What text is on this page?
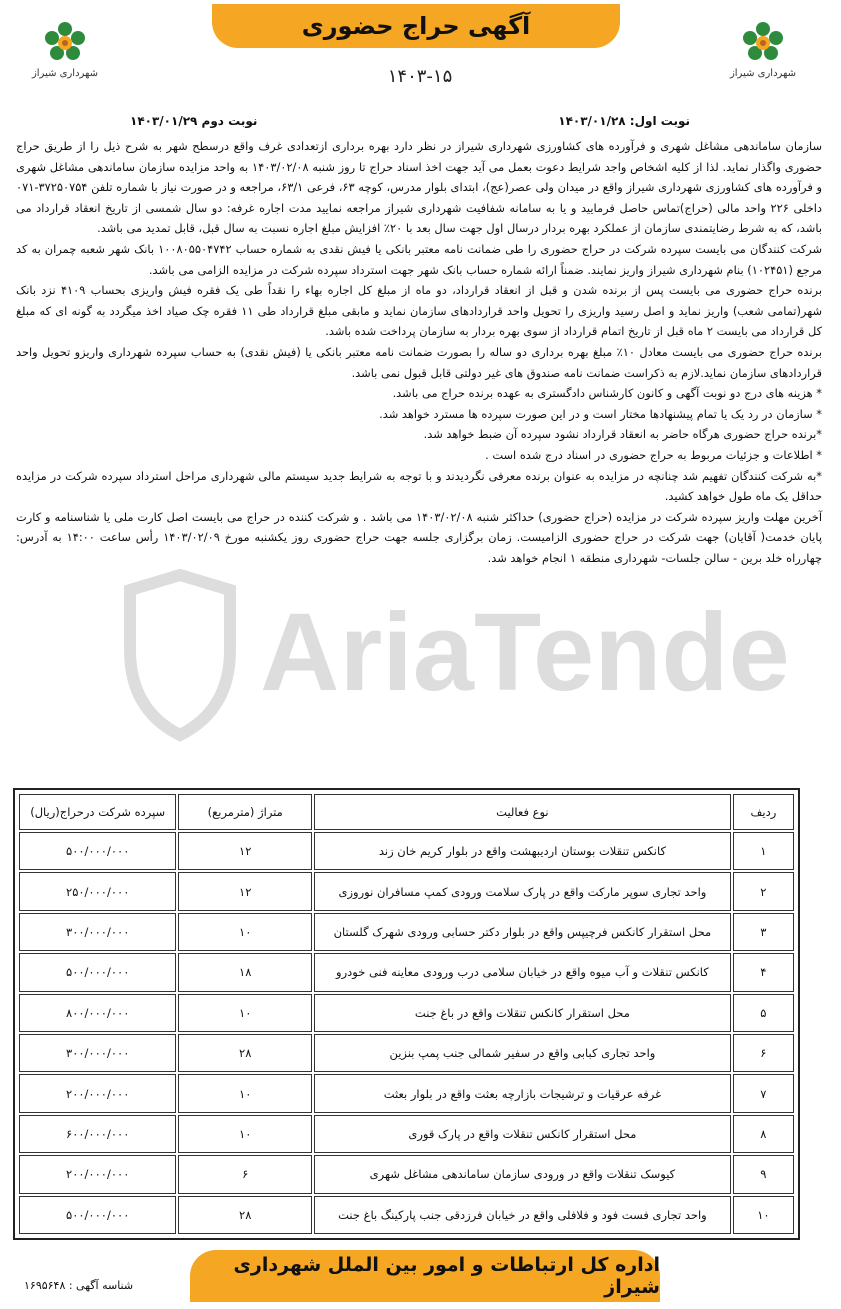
شهرداری شیراز
آگهی حراج حضوری
شهرداری شیراز
۱۴۰۳-۱۵
نوبت اول: ۱۴۰۳/۰۱/۲۸
نوبت دوم ۱۴۰۳/۰۱/۲۹
AriaTender

سازمان ساماندهی مشاغل شهری و فرآورده های کشاورزی شهرداری شیراز در نظر دارد بهره برداری ازتعدادی غرف واقع درسطح شهر به شرح ذیل را از طریق حراج حضوری واگذار نماید. لذا از کلیه اشخاص واجد شرایط دعوت بعمل می آید جهت اخذ اسناد حراج تا روز شنبه ۱۴۰۳/۰۲/۰۸ به واحد مزایده سازمان ساماندهی مشاغل شهری و فرآورده های کشاورزی شهرداری شیراز واقع در میدان ولی عصر(عج)، ابتدای بلوار مدرس، کوچه ۶۳، فرعی ۶۳/۱، مراجعه و در صورت نیاز با شماره تلفن ۳۷۲۵۰۷۵۴-۰۷۱ داخلی ۲۲۶ واحد مالی (حراج)تماس حاصل فرمایید و یا به سامانه شفافیت شهرداری شیراز مراجعه نمایید مدت اجاره غرفه: دو سال شمسی از تاریخ انعقاد قرارداد می باشد، که به شرط رضایتمندی سازمان از عملکرد بهره بردار درسال اول جهت سال بعد با ۲۰٪ افزایش مبلغ اجاره نسبت به سال قبل، قابل تمدید می باشد.

شرکت کنندگان می بایست سپرده شرکت در حراج حضوری را طی ضمانت نامه معتبر بانکی یا فیش نقدی به شماره حساب ۱۰۰۸۰۵۵۰۴۷۴۲ بانک شهر شعبه چمران به کد مرجع (۱۰۲۴۵۱) بنام شهرداری شیراز واریز نمایند. ضمناً ارائه شماره حساب بانک شهر جهت استرداد سپرده شرکت در مزایده الزامی می باشد.

برنده حراج حضوری می بایست پس از برنده شدن و قبل از انعقاد قرارداد، دو ماه از مبلغ کل اجاره بهاء را نقداً طی یک فقره فیش واریزی بحساب ۴۱۰۹ نزد بانک شهر(تمامی شعب) واریز نماید و اصل رسید واریزی را تحویل واحد قراردادهای سازمان نماید و مابقی مبلغ قرارداد طی ۱۱ فقره چک صیاد اخذ میگردد به گونه ای که مبلغ کل قرارداد می بایست ۲ ماه قبل از تاریخ اتمام قرارداد از سوی بهره بردار به سازمان پرداخت شده باشد.

برنده حراج حضوری می بایست معادل ۱۰٪ مبلغ بهره برداری دو ساله را بصورت ضمانت نامه معتبر بانکی یا (فیش نقدی) به حساب سپرده شهرداری واریزو تحویل واحد قراردادهای سازمان نماید.لازم به ذکراست ضمانت نامه صندوق های غیر دولتی قابل قبول نمی باشد.

* هزینه های درج دو نوبت آگهی و کانون کارشناس دادگستری به عهده برنده حراج می باشد.

* سازمان در رد یک یا تمام پیشنهادها مختار است و در این صورت سپرده ها مسترد خواهد شد.

*برنده حراج حضوری هرگاه حاضر به انعقاد قرارداد نشود سپرده آن ضبط خواهد شد.

* اطلاعات و جزئیات مربوط به حراج حضوری در اسناد درج شده است .

*به شرکت کنندگان تفهیم شد چنانچه در مزایده به عنوان برنده معرفی نگردیدند و با توجه به شرایط جدید سیستم مالی شهرداری مراحل استرداد سپرده شرکت در مزایده حداقل یک ماه طول خواهد کشید.

آخرین مهلت واریز سپرده شرکت در مزایده (حراج حضوری) حداکثر شنبه ۱۴۰۳/۰۲/۰۸ می باشد . و شرکت کننده در حراج می بایست اصل کارت ملی یا شناسنامه و کارت پایان خدمت( آقایان) جهت شرکت در حراج حضوری الزامیست. زمان برگزاری جلسه جهت حراج حضوری روز یکشنبه مورخ ۱۴۰۳/۰۲/۰۹ رأس ساعت ۱۴:۰۰ به آدرس: چهارراه خلد برین - سالن جلسات- شهرداری منطقه ۱ انجام خواهد شد.

ردیف	نوع فعالیت	متراژ (مترمربع)	سپرده شرکت درحراج(ریال)
۱	کانکس تنقلات بوستان اردیبهشت واقع در بلوار کریم خان زند	۱۲	۵۰۰/۰۰۰/۰۰۰
۲	واحد تجاری سوپر مارکت واقع در پارک سلامت ورودی کمپ مسافران نوروزی	۱۲	۲۵۰/۰۰۰/۰۰۰
۳	محل استقرار کانکس فرچیپس واقع در بلوار دکتر حسابی ورودی شهرک گلستان	۱۰	۳۰۰/۰۰۰/۰۰۰
۴	کانکس تنقلات و آب میوه واقع در خیابان سلامی درب ورودی معاینه فنی خودرو	۱۸	۵۰۰/۰۰۰/۰۰۰
۵	محل استقرار کانکس تنقلات واقع در باغ جنت	۱۰	۸۰۰/۰۰۰/۰۰۰
۶	واحد تجاری کبابی واقع در سفیر شمالی جنب پمپ بنزین	۲۸	۳۰۰/۰۰۰/۰۰۰
۷	غرفه عرقیات و ترشیجات بازارچه بعثت واقع در بلوار بعثت	۱۰	۲۰۰/۰۰۰/۰۰۰
۸	محل استقرار کانکس تنقلات واقع در پارک قوری	۱۰	۶۰۰/۰۰۰/۰۰۰
۹	کیوسک تنقلات واقع در ورودی سازمان ساماندهی مشاغل شهری	۶	۲۰۰/۰۰۰/۰۰۰
۱۰	واحد تجاری فست فود و فلافلی واقع در خیابان فرزدقی جنب پارکینگ باغ جنت	۲۸	۵۰۰/۰۰۰/۰۰۰
اداره کل ارتباطات و امور بین الملل شهرداری شیراز
شناسه آگهی : ۱۶۹۵۶۴۸
